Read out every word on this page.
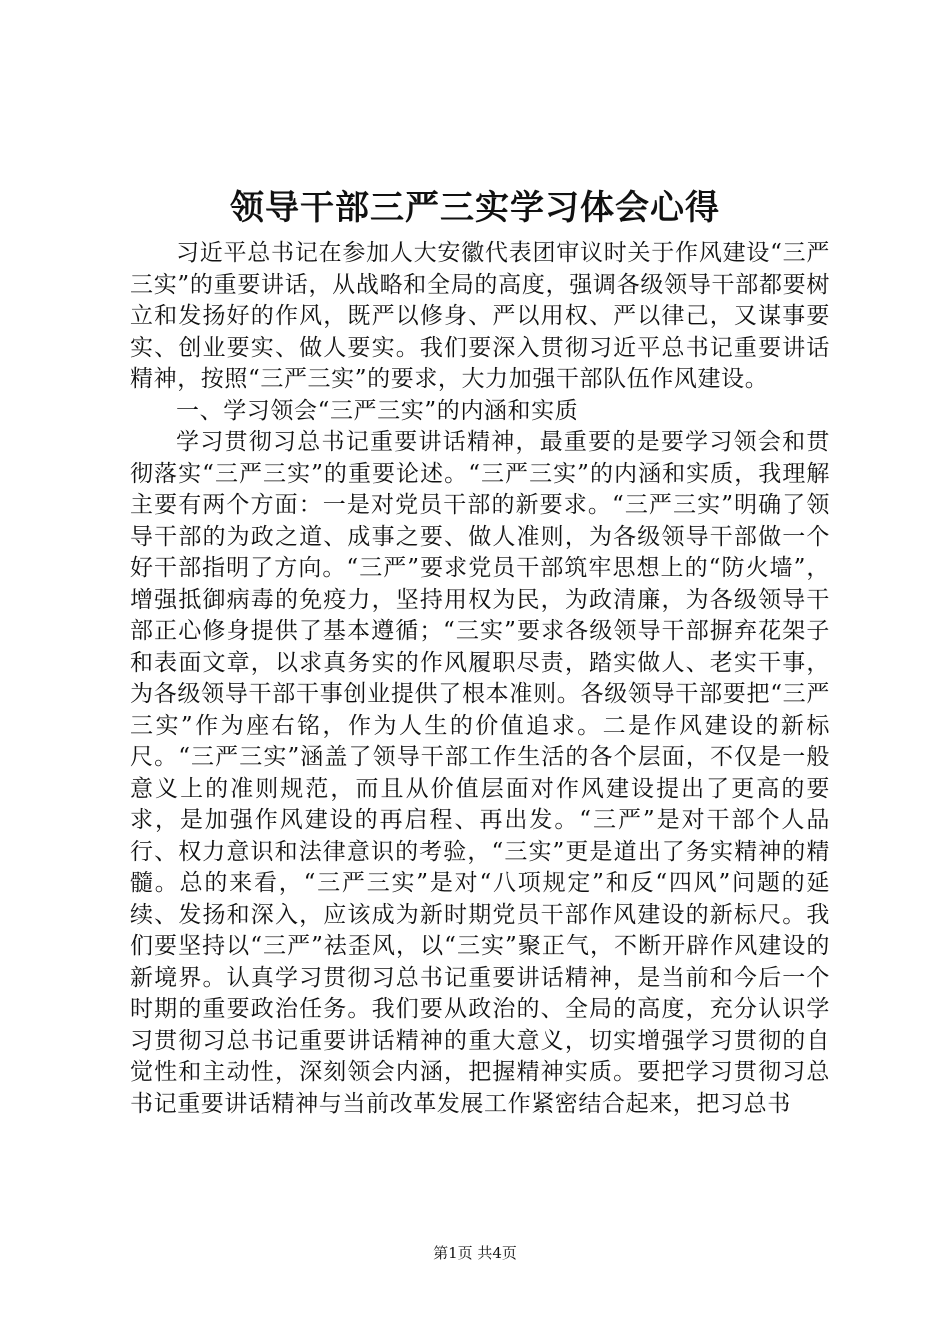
领导干部三严三实学习体会心得

习近平总书记在参加人大安徽代表团审议时关于作风建设“三严三实”的重要讲话，从战略和全局的高度，强调各级领导干部都要树立和发扬好的作风，既严以修身、严以用权、严以律己，又谋事要实、创业要实、做人要实。我们要深入贯彻习近平总书记重要讲话精神，按照“三严三实”的要求，大力加强干部队伍作风建设。

一、学习领会“三严三实”的内涵和实质

学习贯彻习总书记重要讲话精神，最重要的是要学习领会和贯彻落实“三严三实”的重要论述。“三严三实”的内涵和实质，我理解主要有两个方面：一是对党员干部的新要求。“三严三实”明确了领导干部的为政之道、成事之要、做人准则，为各级领导干部做一个好干部指明了方向。“三严”要求党员干部筑牢思想上的“防火墙”，增强抵御病毒的免疫力，坚持用权为民，为政清廉，为各级领导干部正心修身提供了基本遵循；“三实”要求各级领导干部摒弃花架子和表面文章，以求真务实的作风履职尽责，踏实做人、老实干事，为各级领导干部干事创业提供了根本准则。各级领导干部要把“三严三实”作为座右铭，作为人生的价值追求。二是作风建设的新标尺。“三严三实”涵盖了领导干部工作生活的各个层面，不仅是一般意义上的准则规范，而且从价值层面对作风建设提出了更高的要求，是加强作风建设的再启程、再出发。“三严”是对干部个人品行、权力意识和法律意识的考验，“三实”更是道出了务实精神的精髓。总的来看，“三严三实”是对“八项规定”和反“四风”问题的延续、发扬和深入，应该成为新时期党员干部作风建设的新标尺。我们要坚持以“三严”祛歪风，以“三实”聚正气，不断开辟作风建设的新境界。认真学习贯彻习总书记重要讲话精神，是当前和今后一个时期的重要政治任务。我们要从政治的、全局的高度，充分认识学习贯彻习总书记重要讲话精神的重大意义，切实增强学习贯彻的自觉性和主动性，深刻领会内涵，把握精神实质。要把学习贯彻习总书记重要讲话精神与当前改革发展工作紧密结合起来，把习总书

第1页 共4页
